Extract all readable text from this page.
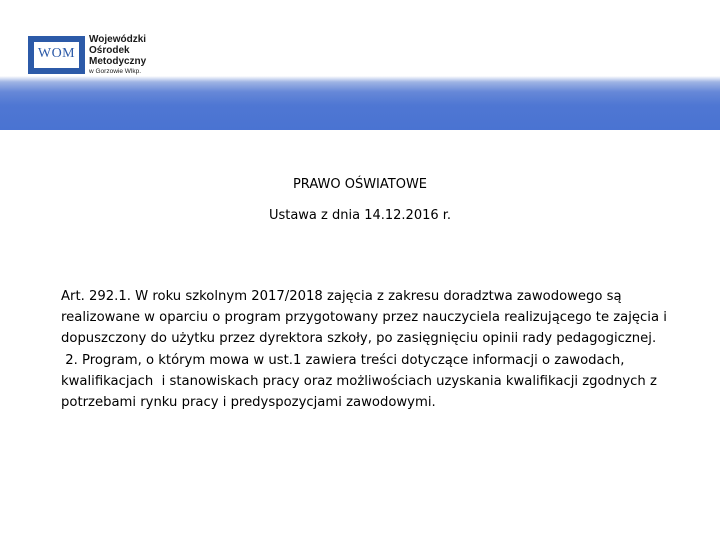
WOM
Wojewódzki
Ośrodek
Metodyczny
w Gorzowie Wlkp.
PRAWO OŚWIATOWE
Ustawa z dnia 14.12.2016 r.

Art. 292.1. W roku szkolnym 2017/2018 zajęcia z zakresu doradztwa zawodowego są realizowane w oparciu o program przygotowany przez nauczyciela realizującego te zajęcia i dopuszczony do użytku przez dyrektora szkoły, po zasięgnięciu opinii rady pedagogicznej.

2. Program, o którym mowa w ust.1 zawiera treści dotyczące informacji o zawodach, kwalifikacjach  i stanowiskach pracy oraz możliwościach uzyskania kwalifikacji zgodnych z potrzebami rynku pracy i predyspozycjami zawodowymi.
